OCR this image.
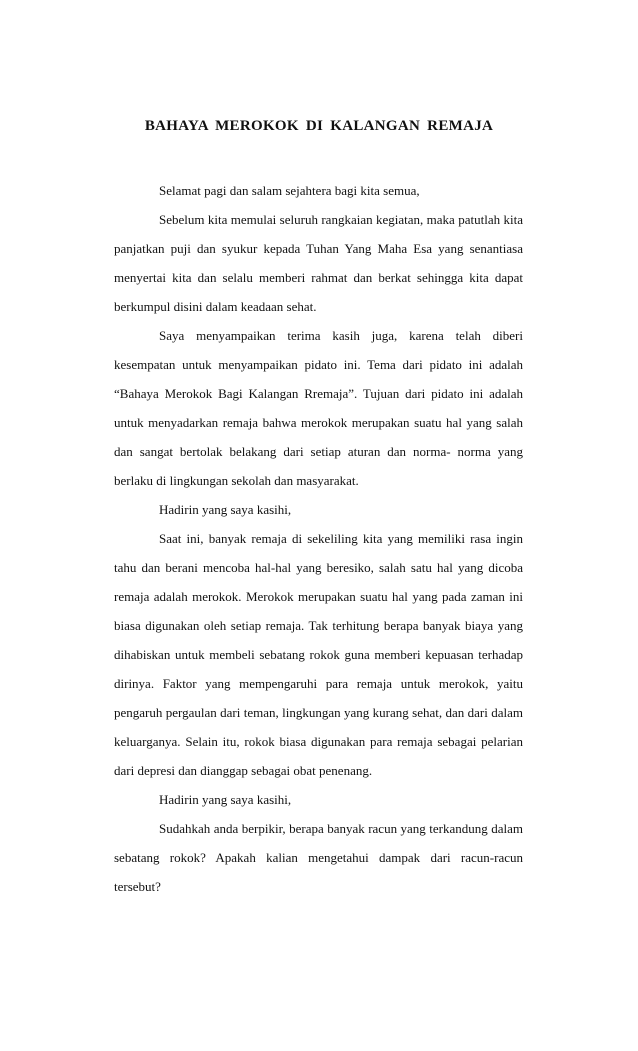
BAHAYA MEROKOK DI KALANGAN REMAJA

Selamat pagi dan salam sejahtera bagi kita semua,

Sebelum kita memulai seluruh rangkaian kegiatan, maka patutlah kita panjatkan puji dan syukur kepada Tuhan Yang Maha Esa yang senantiasa menyertai kita dan selalu memberi rahmat dan berkat sehingga kita dapat berkumpul disini dalam keadaan sehat.

Saya menyampaikan terima kasih juga, karena telah diberi kesempatan untuk menyampaikan pidato ini. Tema dari pidato ini adalah “Bahaya Merokok Bagi Kalangan Rremaja”. Tujuan dari pidato ini adalah untuk menyadarkan remaja bahwa merokok merupakan suatu hal yang salah dan sangat bertolak belakang dari setiap aturan dan norma- norma yang berlaku di lingkungan sekolah dan masyarakat.

Hadirin yang saya kasihi,

Saat ini, banyak remaja di sekeliling kita yang memiliki rasa ingin tahu dan berani mencoba hal-hal yang beresiko, salah satu hal yang dicoba remaja adalah merokok. Merokok merupakan suatu hal yang pada zaman ini biasa digunakan oleh setiap remaja. Tak terhitung berapa banyak biaya yang dihabiskan untuk membeli sebatang rokok guna memberi kepuasan terhadap dirinya. Faktor yang mempengaruhi para remaja untuk merokok, yaitu pengaruh pergaulan dari teman, lingkungan yang kurang sehat, dan dari dalam keluarganya. Selain itu, rokok biasa digunakan para remaja sebagai pelarian dari depresi dan dianggap sebagai obat penenang.

Hadirin yang saya kasihi,

Sudahkah anda berpikir, berapa banyak racun yang terkandung dalam sebatang rokok? Apakah kalian mengetahui dampak dari racun-racun tersebut?
